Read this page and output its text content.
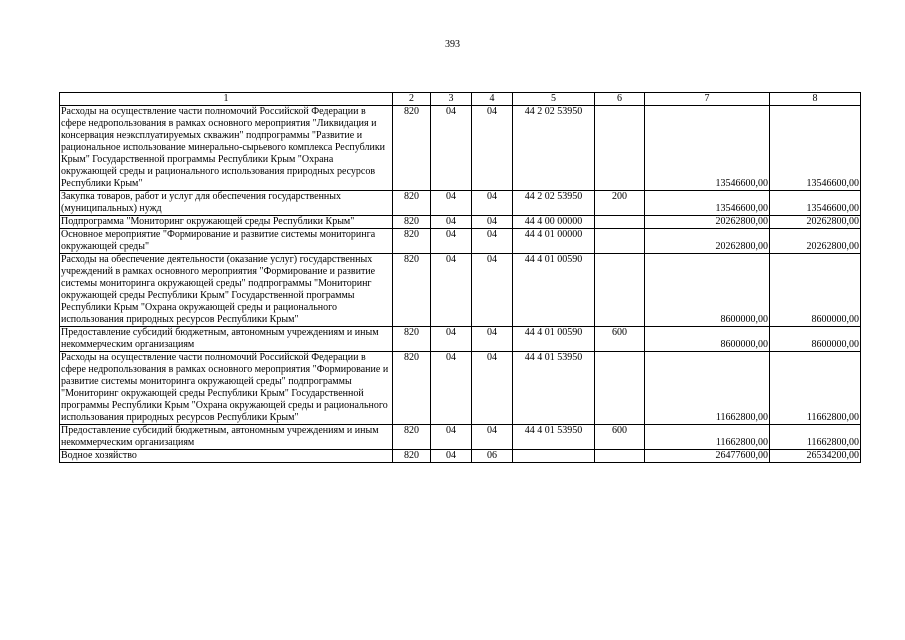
393
1	2	3	4	5	6	7	8
Расходы на осуществление части полномочий Российской Федерации в сфере недропользования в рамках основного мероприятия "Ликвидация и консервация неэксплуатируемых скважин" подпрограммы "Развитие и рациональное использование минерально-сырьевого комплекса Республики Крым" Государственной программы Республики Крым "Охрана окружающей среды и рационального использования природных ресурсов Республики Крым"	820	04	04	44 2 02 53950		13546600,00	13546600,00
Закупка товаров, работ и услуг для обеспечения государственных (муниципальных) нужд	820	04	04	44 2 02 53950	200	13546600,00	13546600,00
Подпрограмма "Мониторинг окружающей среды Республики Крым"	820	04	04	44 4 00 00000		20262800,00	20262800,00
Основное мероприятие "Формирование и развитие системы мониторинга окружающей среды"	820	04	04	44 4 01 00000		20262800,00	20262800,00
Расходы на обеспечение деятельности (оказание услуг) государственных учреждений в рамках основного мероприятия "Формирование и развитие системы мониторинга окружающей среды" подпрограммы "Мониторинг окружающей среды Республики Крым" Государственной программы Республики Крым "Охрана окружающей среды и рационального использования природных ресурсов Республики Крым"	820	04	04	44 4 01 00590		8600000,00	8600000,00
Предоставление субсидий бюджетным, автономным учреждениям и иным некоммерческим организациям	820	04	04	44 4 01 00590	600	8600000,00	8600000,00
Расходы на осуществление части полномочий Российской Федерации в сфере недропользования в рамках основного мероприятия "Формирование и развитие системы мониторинга окружающей среды" подпрограммы "Мониторинг окружающей среды Республики Крым" Государственной программы Республики Крым "Охрана окружающей среды и рационального использования природных ресурсов Республики Крым"	820	04	04	44 4 01 53950		11662800,00	11662800,00
Предоставление субсидий бюджетным, автономным учреждениям и иным некоммерческим организациям	820	04	04	44 4 01 53950	600	11662800,00	11662800,00
Водное хозяйство	820	04	06			26477600,00	26534200,00
